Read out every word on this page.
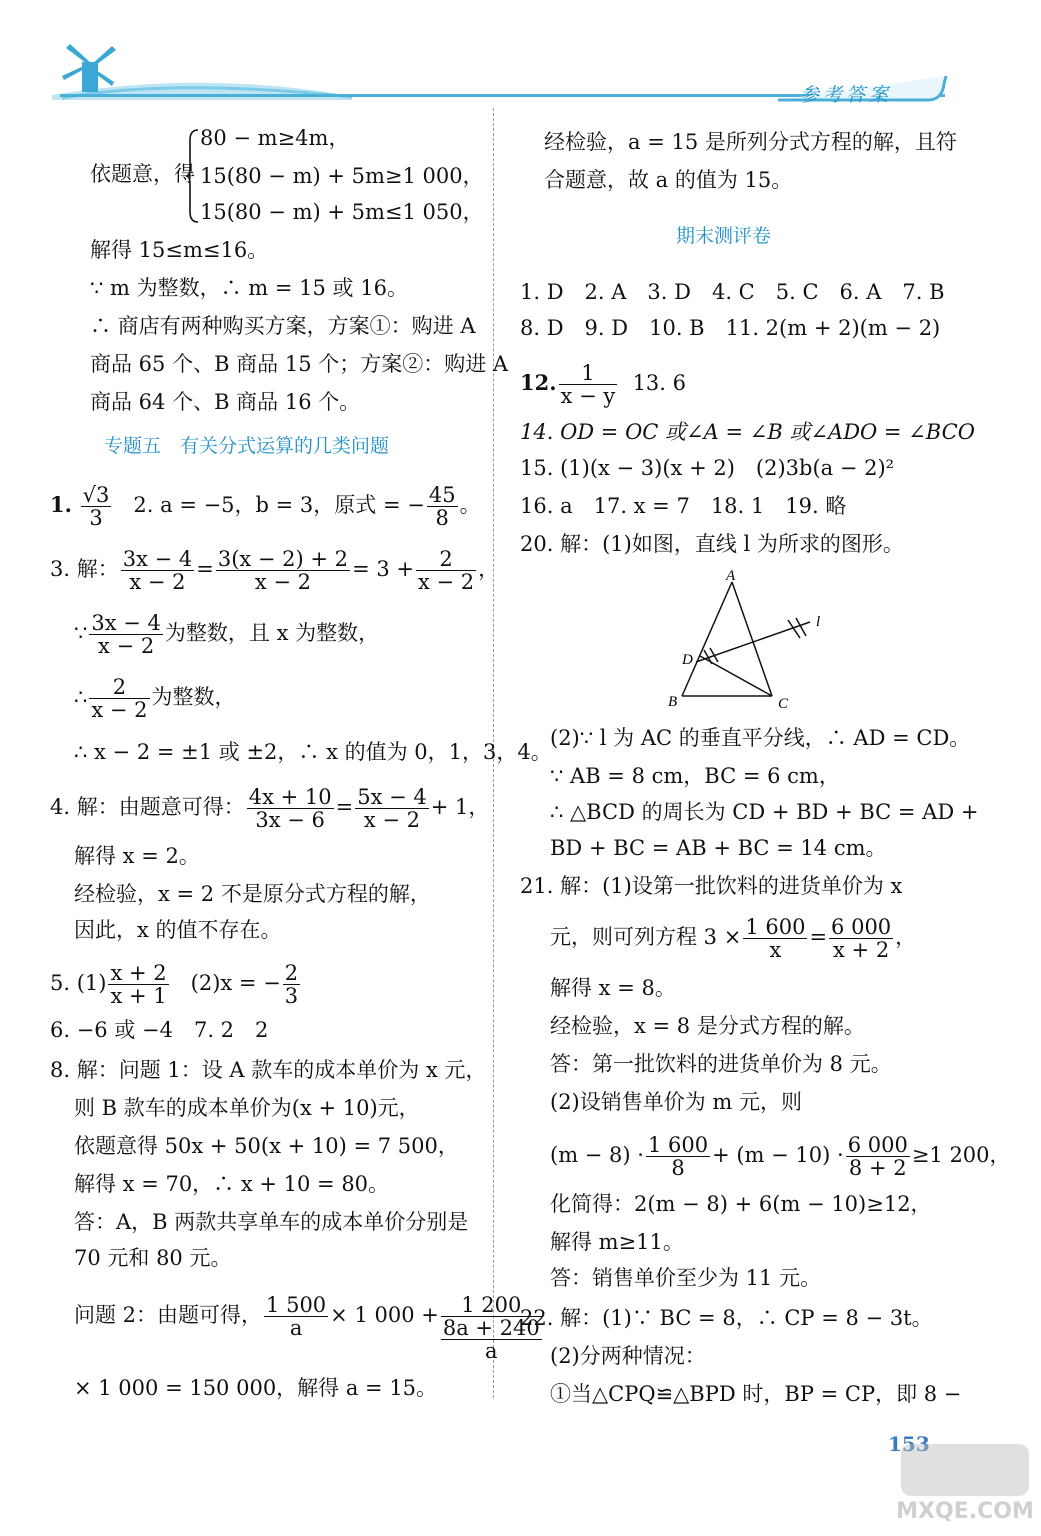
参考答案
依题意，得
80 − m≥4m，
15(80 − m) + 5m≥1 000，
15(80 − m) + 5m≤1 050，
解得 15≤m≤16。
∵ m 为整数，∴ m = 15 或 16。
∴ 商店有两种购买方案，方案①：购进 A
商品 65 个、B 商品 15 个；方案②：购进 A
商品 64 个、B 商品 16 个。
专题五　有关分式运算的几类问题
1. $\frac{√3}{3} 2$. a = −5，b = 3，原式 = − $\frac{45}{8}$ 。
3. 解： $\frac{3x - 4}{x - 2} = \frac{3(x - 2) + 2}{x - 2} = 3 + \frac{2}{x - 2}$ ，
∵ $\frac{3x - 4}{x - 2}$ 为整数，且 x 为整数，
∴ $\frac{2}{x - 2}$ 为整数，
∴ x − 2 = ±1 或 ±2，∴ x 的值为 0，1，3，4。
4. 解：由题意可得： $\frac{4x + 10}{3x - 6} = \frac{5x - 4}{x - 2} + 1$，
解得 x = 2。
经检验，x = 2 不是原分式方程的解，
因此，x 的值不存在。
5. $(1) \frac{x + 2}{x + 1} (2)x$ = − $\frac{2}{3}$
6. −6 或 −4　7. 2　2
8. 解：问题 1：设 A 款车的成本单价为 x 元，
则 B 款车的成本单价为(x + 10)元，
依题意得 50x + 50(x + 10) = 7 500，
解得 x = 70，∴ x + 10 = 80。
答：A，B 两款共享单车的成本单价分别是
70 元和 80 元。
问题 2：由题可得， $\frac{1 500}{a} \times 1$ 000 +	1 200
8a + 240
a
× 1 000 = 150 000，解得 a = 15。
经检验，a = 15 是所列分式方程的解，且符
合题意，故 a 的值为 15。
期末测评卷
1. D　2. A　3. D　4. C　5. C　6. A　7. B
8. D　9. D　10. B　11. 2(m + 2)(m − 2)
12. $\frac{1}{x - y} 13$. 6
14. OD = OC 或∠A = ∠B 或∠ADO = ∠BCO
15. (1)(x − 3)(x + 2)　(2)3b(a − 2)²
16. a　17. x = 7　18. 1　19. 略
20. 解：(1)如图，直线 l 为所求的图形。
A
B	C
D
l
(2)∵ l 为 AC 的垂直平分线，∴ AD = CD。
∵ AB = 8 cm，BC = 6 cm，
∴ △BCD 的周长为 CD + BD + BC = AD +
BD + BC = AB + BC = 14 cm。
21. 解：(1)设第一批饮料的进货单价为 x
元，则可列方程 $3 \times \frac{1 600}{x} = \frac{6 000}{x + 2}$ ，
解得 x = 8。
经检验，x = 8 是分式方程的解。
答：第一批饮料的进货单价为 8 元。
(2)设销售单价为 m 元，则
$(m - 8) \cdot \frac{1 600}{8} + (m - 10) \cdot \frac{6 000}{8 + 2} \ge 1$ 200，
化简得：2(m − 8) + 6(m − 10)≥12，
解得 m≥11。
答：销售单价至少为 11 元。
22. 解：(1)∵ BC = 8，∴ CP = 8 − 3t。
(2)分两种情况：
①当△CPQ≌△BPD 时，BP = CP，即 8 −
153
MXQE.COM
